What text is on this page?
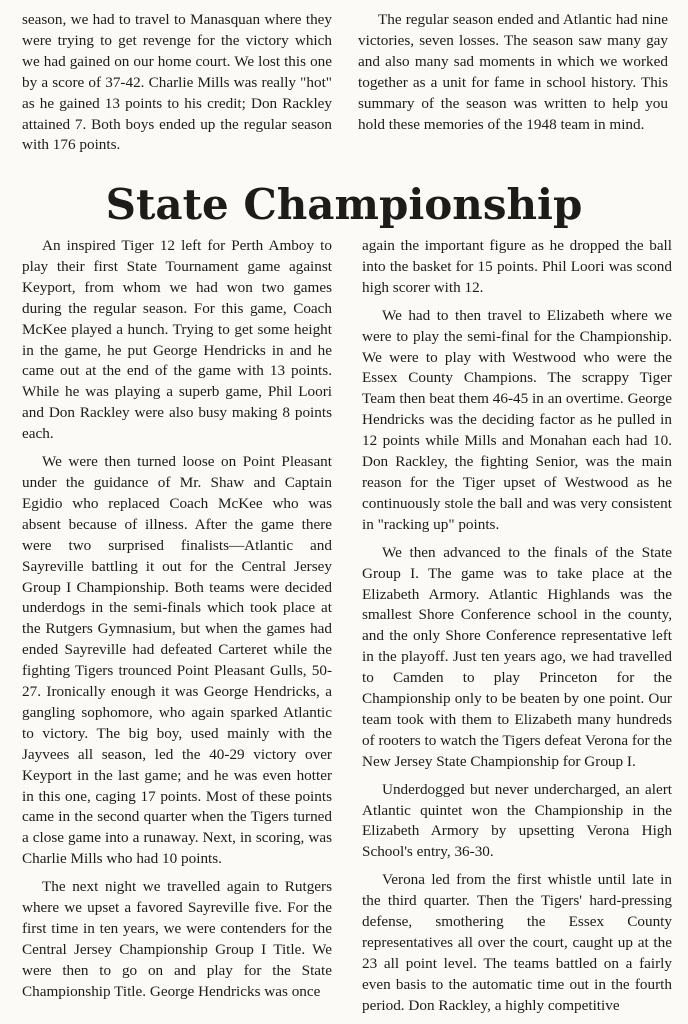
season, we had to travel to Manasquan where they were trying to get revenge for the victory which we had gained on our home court. We lost this one by a score of 37-42. Charlie Mills was really "hot" as he gained 13 points to his credit; Don Rackley attained 7. Both boys ended up the regular season with 176 points.

The regular season ended and Atlantic had nine victories, seven losses. The season saw many gay and also many sad moments in which we worked together as a unit for fame in school history. This summary of the season was written to help you hold these memories of the 1948 team in mind.

State Championship

An inspired Tiger 12 left for Perth Amboy to play their first State Tournament game against Keyport, from whom we had won two games during the regular season. For this game, Coach McKee played a hunch. Trying to get some height in the game, he put George Hendricks in and he came out at the end of the game with 13 points. While he was playing a superb game, Phil Loori and Don Rackley were also busy making 8 points each.

We were then turned loose on Point Pleasant under the guidance of Mr. Shaw and Captain Egidio who replaced Coach McKee who was absent because of illness. After the game there were two surprised finalists—Atlantic and Sayreville battling it out for the Central Jersey Group I Championship. Both teams were decided underdogs in the semi-finals which took place at the Rutgers Gymnasium, but when the games had ended Sayreville had defeated Carteret while the fighting Tigers trounced Point Pleasant Gulls, 50-27. Ironically enough it was George Hendricks, a gangling sophomore, who again sparked Atlantic to victory. The big boy, used mainly with the Jayvees all season, led the 40-29 victory over Keyport in the last game; and he was even hotter in this one, caging 17 points. Most of these points came in the second quarter when the Tigers turned a close game into a runaway. Next, in scoring, was Charlie Mills who had 10 points.

The next night we travelled again to Rutgers where we upset a favored Sayreville five. For the first time in ten years, we were contenders for the Central Jersey Championship Group I Title. We were then to go on and play for the State Championship Title. George Hendricks was once

again the important figure as he dropped the ball into the basket for 15 points. Phil Loori was scond high scorer with 12.

We had to then travel to Elizabeth where we were to play the semi-final for the Championship. We were to play with Westwood who were the Essex County Champions. The scrappy Tiger Team then beat them 46-45 in an overtime. George Hendricks was the deciding factor as he pulled in 12 points while Mills and Monahan each had 10. Don Rackley, the fighting Senior, was the main reason for the Tiger upset of Westwood as he continuously stole the ball and was very consistent in "racking up" points.

We then advanced to the finals of the State Group I. The game was to take place at the Elizabeth Armory. Atlantic Highlands was the smallest Shore Conference school in the county, and the only Shore Conference representative left in the playoff. Just ten years ago, we had travelled to Camden to play Princeton for the Championship only to be beaten by one point. Our team took with them to Elizabeth many hundreds of rooters to watch the Tigers defeat Verona for the New Jersey State Championship for Group I.

Underdogged but never undercharged, an alert Atlantic quintet won the Championship in the Elizabeth Armory by upsetting Verona High School's entry, 36-30.

Verona led from the first whistle until late in the third quarter. Then the Tigers' hard-pressing defense, smothering the Essex County representatives all over the court, caught up at the 23 all point level. The teams battled on a fairly even basis to the automatic time out in the fourth period. Don Rackley, a highly competitive
